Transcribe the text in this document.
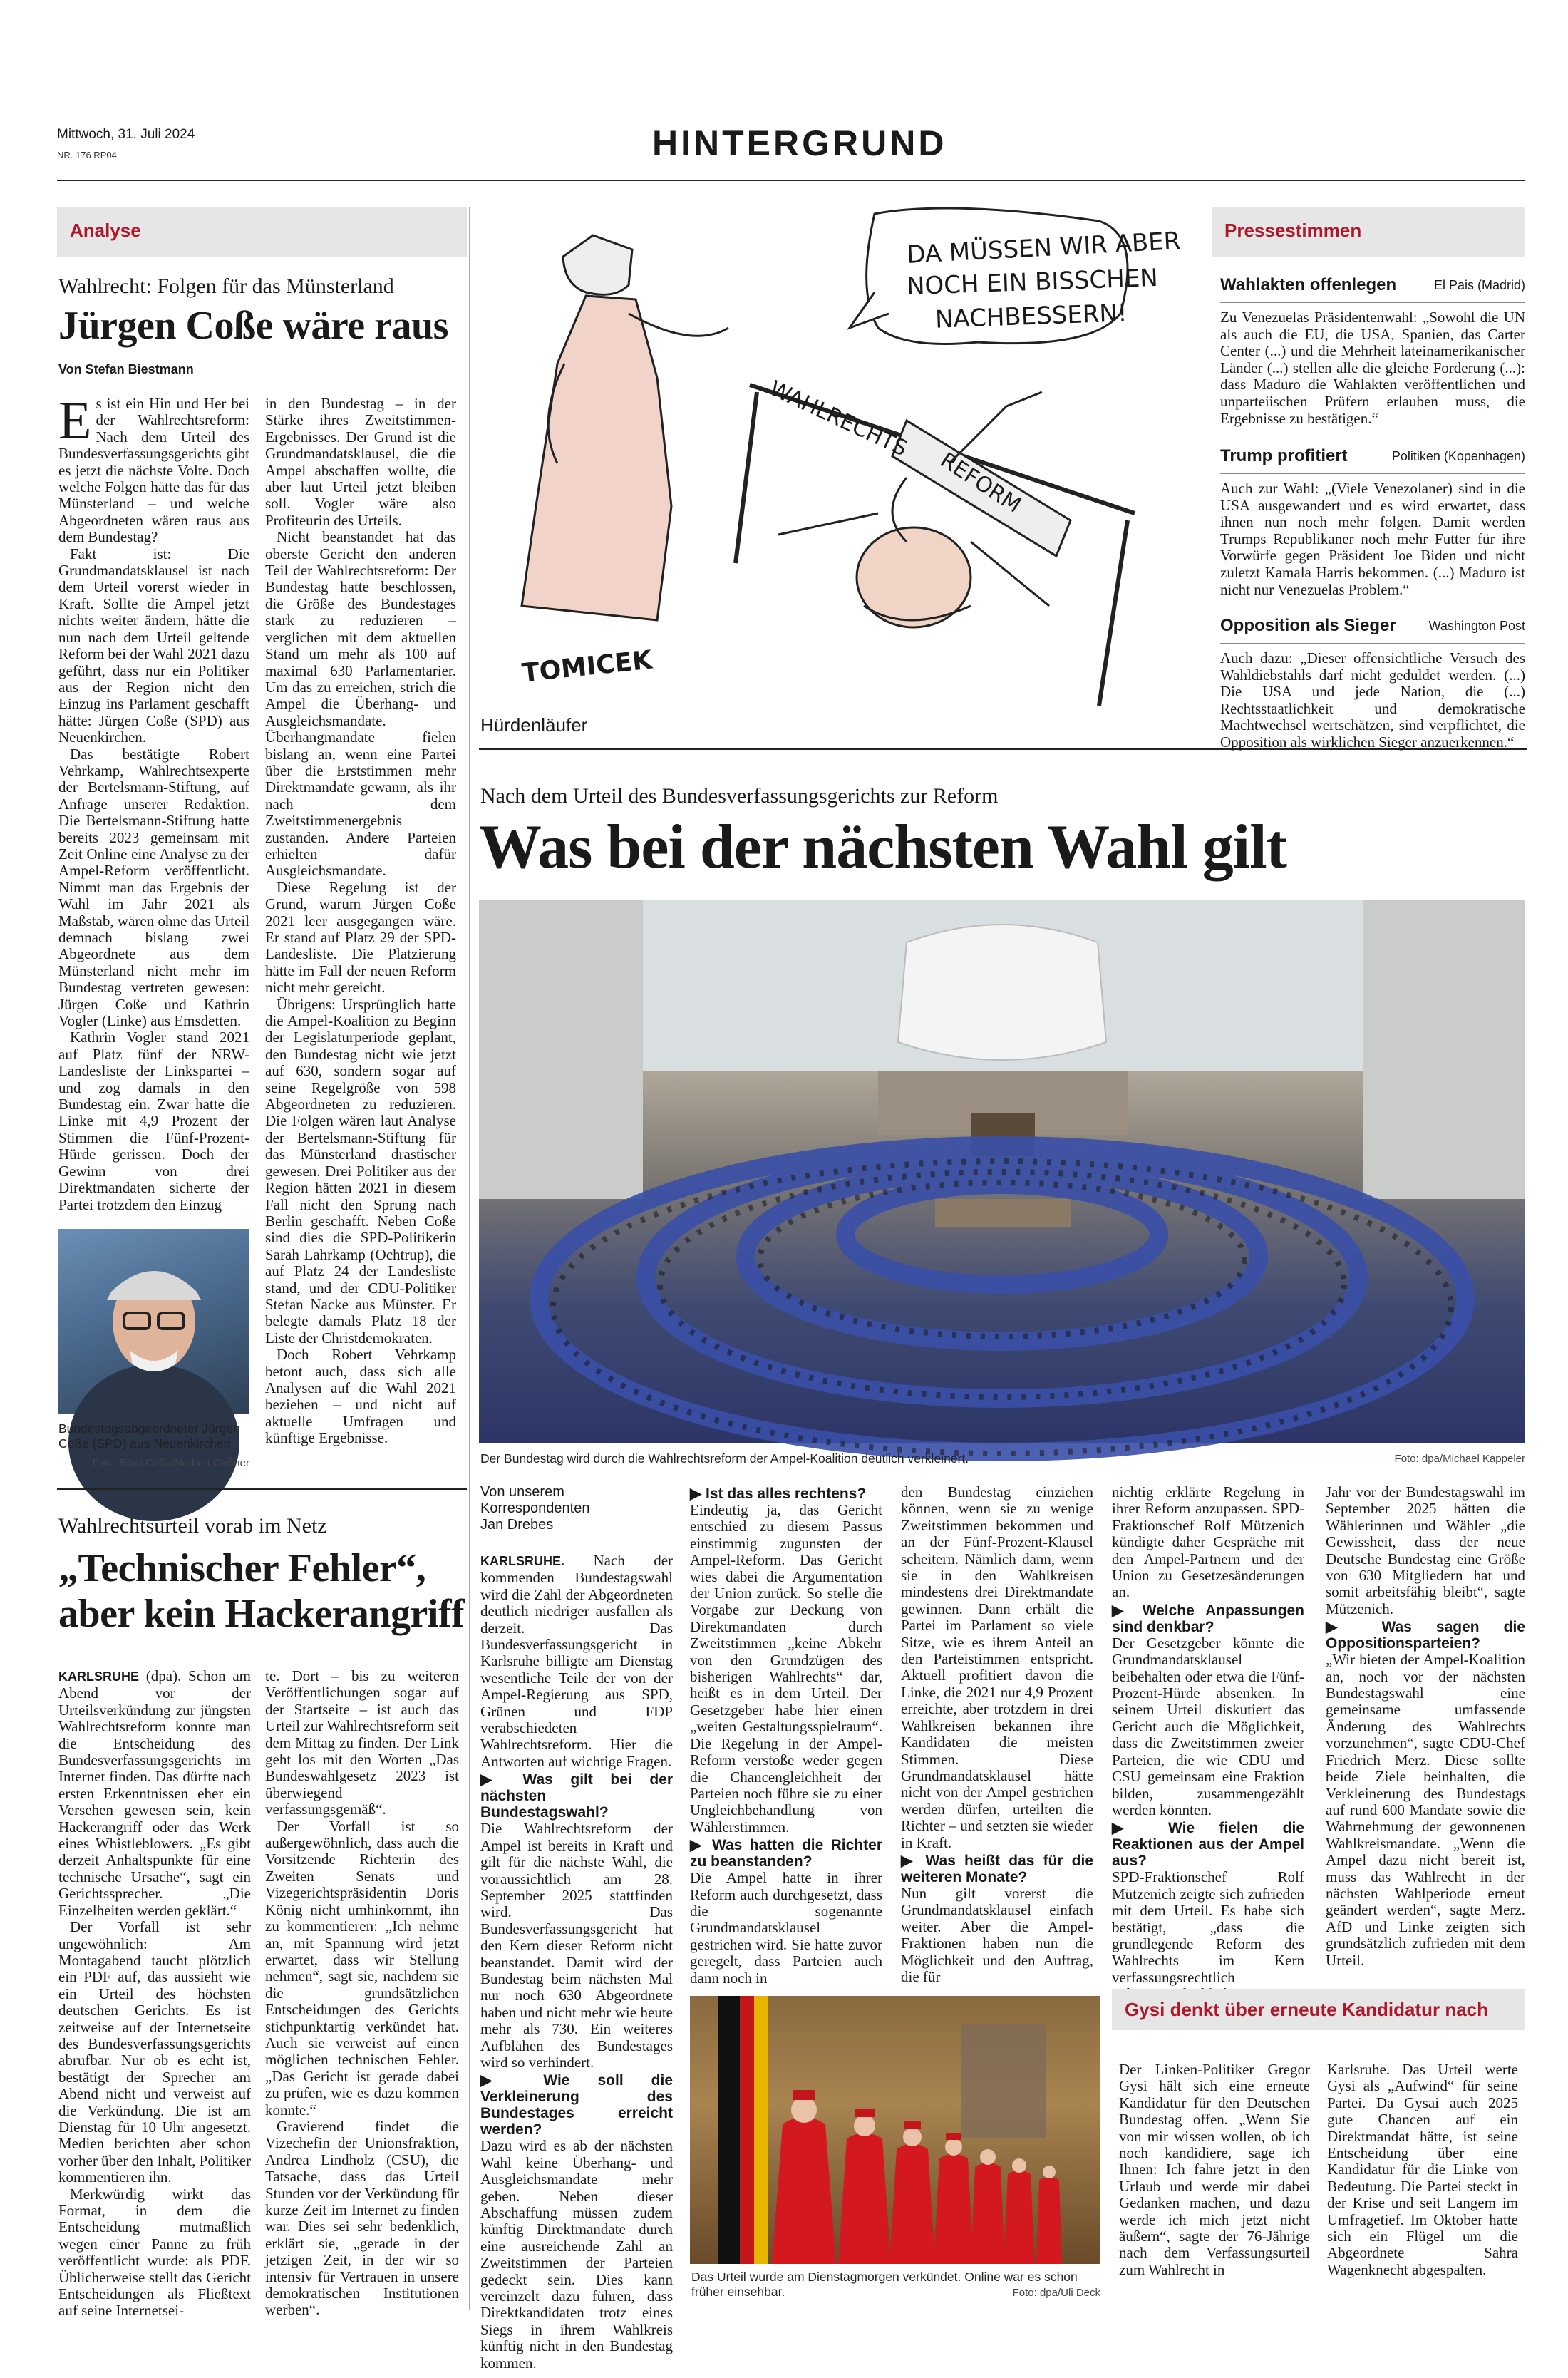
Mittwoch, 31. Juli 2024
NR. 176 RP04	HINTERGRUND
Analyse
Wahlrecht: Folgen für das Münsterland
Jürgen Coße wäre raus
Von Stefan Biestmann
E s ist ein Hin und Her bei der Wahlrechtsreform: Nach dem Urteil des Bundesverfassungsgerichts gibt es jetzt die nächste Volte. Doch welche Folgen hätte das für das Münsterland – und welche Abgeordneten wären raus aus dem Bundestag?

Fakt ist: Die Grundmandatsklausel ist nach dem Urteil vorerst wieder in Kraft. Sollte die Ampel jetzt nichts weiter ändern, hätte die nun nach dem Urteil geltende Reform bei der Wahl 2021 dazu geführt, dass nur ein Politiker aus der Region nicht den Einzug ins Parlament geschafft hätte: Jürgen Coße (SPD) aus Neuenkirchen.

Das bestätigte Robert Vehrkamp, Wahlrechtsexperte der Bertelsmann-Stiftung, auf Anfrage unserer Redaktion. Die Bertelsmann-Stiftung hatte bereits 2023 gemeinsam mit Zeit Online eine Analyse zu der Ampel-Reform veröffentlicht. Nimmt man das Ergebnis der Wahl im Jahr 2021 als Maßstab, wären ohne das Urteil demnach bislang zwei Abgeordnete aus dem Münsterland nicht mehr im Bundestag vertreten gewesen: Jürgen Coße und Kathrin Vogler (Linke) aus Emsdetten.

Kathrin Vogler stand 2021 auf Platz fünf der NRW-Landesliste der Linkspartei – und zog damals in den Bundestag ein. Zwar hatte die Linke mit 4,9 Prozent der Stimmen die Fünf-Prozent-Hürde gerissen. Doch der Gewinn von drei Direktmandaten sicherte der Partei trotzdem den Einzug

Bundestagsabgeordneter Jürgen Coße (SPD) aus Neuenkirchen
Foto: Büro Coße/Norbert Gaßner

in den Bundestag – in der Stärke ihres Zweitstimmen-Ergebnisses. Der Grund ist die Grundmandatsklausel, die die Ampel abschaffen wollte, die aber laut Urteil jetzt bleiben soll. Vogler wäre also Profiteurin des Urteils.

Nicht beanstandet hat das oberste Gericht den anderen Teil der Wahlrechtsreform: Der Bundestag hatte beschlossen, die Größe des Bundestages stark zu reduzieren – verglichen mit dem aktuellen Stand um mehr als 100 auf maximal 630 Parlamentarier. Um das zu erreichen, strich die Ampel die Überhang- und Ausgleichsmandate. Überhangmandate fielen bislang an, wenn eine Partei über die Erststimmen mehr Direktmandate gewann, als ihr nach dem Zweitstimmenergebnis zustanden. Andere Parteien erhielten dafür Ausgleichsmandate.

Diese Regelung ist der Grund, warum Jürgen Coße 2021 leer ausgegangen wäre. Er stand auf Platz 29 der SPD-Landesliste. Die Platzierung hätte im Fall der neuen Reform nicht mehr gereicht.

Übrigens: Ursprünglich hatte die Ampel-Koalition zu Beginn der Legislaturperiode geplant, den Bundestag nicht wie jetzt auf 630, sondern sogar auf seine Regelgröße von 598 Abgeordneten zu reduzieren. Die Folgen wären laut Analyse der Bertelsmann-Stiftung für das Münsterland drastischer gewesen. Drei Politiker aus der Region hätten 2021 in diesem Fall nicht den Sprung nach Berlin geschafft. Neben Coße sind dies die SPD-Politikerin Sarah Lahrkamp (Ochtrup), die auf Platz 24 der Landesliste stand, und der CDU-Politiker Stefan Nacke aus Münster. Er belegte damals Platz 18 der Liste der Christdemokraten.

Doch Robert Vehrkamp betont auch, dass sich alle Analysen auf die Wahl 2021 beziehen – und nicht auf aktuelle Umfragen und künftige Ergebnisse.

DA MÜSSEN WIR ABER
NOCH EIN BISSCHEN
NACHBESSERN!
WAHLRECHTS
REFORM
TOMICEK
Hürdenläufer
Pressestimmen
Wahlakten offenlegen	El Pais (Madrid)
Zu Venezuelas Präsidentenwahl: „Sowohl die UN als auch die EU, die USA, Spanien, das Carter Center (...) und die Mehrheit lateinamerikanischer Länder (...) stellen alle die gleiche Forderung (...): dass Maduro die Wahlakten veröffentlichen und unparteiischen Prüfern erlauben muss, die Ergebnisse zu bestätigen.“
Trump profitiert	Politiken (Kopenhagen)
Auch zur Wahl: „(Viele Venezolaner) sind in die USA ausgewandert und es wird erwartet, dass ihnen nun noch mehr folgen. Damit werden Trumps Republikaner noch mehr Futter für ihre Vorwürfe gegen Präsident Joe Biden und nicht zuletzt Kamala Harris bekommen. (...) Maduro ist nicht nur Venezuelas Problem.“
Opposition als Sieger	Washington Post
Auch dazu: „Dieser offensichtliche Versuch des Wahldiebstahls darf nicht geduldet werden. (...) Die USA und jede Nation, die (...) Rechtsstaatlichkeit und demokratische Machtwechsel wertschätzen, sind verpflichtet, die Opposition als wirklichen Sieger anzuerkennen.“
Nach dem Urteil des Bundesverfassungsgerichts zur Reform
Was bei der nächsten Wahl gilt
Der Bundestag wird durch die Wahlrechtsreform der Ampel-Koalition deutlich verkleinert.	Foto: dpa/Michael Kappeler
Von unserem
Korrespondenten
Jan Drebes

KARLSRUHE. Nach der kommenden Bundestagswahl wird die Zahl der Abgeordneten deutlich niedriger ausfallen als derzeit. Das Bundesverfassungsgericht in Karlsruhe billigte am Dienstag wesentliche Teile der von der Ampel-Regierung aus SPD, Grünen und FDP verabschiedeten Wahlrechtsreform. Hier die Antworten auf wichtige Fragen.

▶ Was gilt bei der nächsten Bundestagswahl?

Die Wahlrechtsreform der Ampel ist bereits in Kraft und gilt für die nächste Wahl, die voraussichtlich am 28. September 2025 stattfinden wird. Das Bundesverfassungsgericht hat den Kern dieser Reform nicht beanstandet. Damit wird der Bundestag beim nächsten Mal nur noch 630 Abgeordnete haben und nicht mehr wie heute mehr als 730. Ein weiteres Aufblähen des Bundestages wird so verhindert.

▶ Wie soll die Verkleinerung des Bundestages erreicht werden?

Dazu wird es ab der nächsten Wahl keine Überhang- und Ausgleichsmandate mehr geben. Neben dieser Abschaffung müssen zudem künftig Direktmandate durch eine ausreichende Zahl an Zweitstimmen der Parteien gedeckt sein. Dies kann vereinzelt dazu führen, dass Direktkandidaten trotz eines Siegs in ihrem Wahlkreis künftig nicht in den Bundestag kommen.

▶ Ist das alles rechtens?

Eindeutig ja, das Gericht entschied zu diesem Passus einstimmig zugunsten der Ampel-Reform. Das Gericht wies dabei die Argumentation der Union zurück. So stelle die Vorgabe zur Deckung von Direktmandaten durch Zweitstimmen „keine Abkehr von den Grundzügen des bisherigen Wahlrechts“ dar, heißt es in dem Urteil. Der Gesetzgeber habe hier einen „weiten Gestaltungsspielraum“. Die Regelung in der Ampel-Reform verstoße weder gegen die Chancengleichheit der Parteien noch führe sie zu einer Ungleichbehandlung von Wählerstimmen.

▶ Was hatten die Richter zu beanstanden?

Die Ampel hatte in ihrer Reform auch durchgesetzt, dass die sogenannte Grundmandatsklausel gestrichen wird. Sie hatte zuvor geregelt, dass Parteien auch dann noch in

den Bundestag einziehen können, wenn sie zu wenige Zweitstimmen bekommen und an der Fünf-Prozent-Klausel scheitern. Nämlich dann, wenn sie in den Wahlkreisen mindestens drei Direktmandate gewinnen. Dann erhält die Partei im Parlament so viele Sitze, wie es ihrem Anteil an den Parteistimmen entspricht. Aktuell profitiert davon die Linke, die 2021 nur 4,9 Prozent erreichte, aber trotzdem in drei Wahlkreisen bekannen ihre Kandidaten die meisten Stimmen. Diese Grundmandatsklausel hätte nicht von der Ampel gestrichen werden dürfen, urteilten die Richter – und setzten sie wieder in Kraft.

▶ Was heißt das für die weiteren Monate?

Nun gilt vorerst die Grundmandatsklausel einfach weiter. Aber die Ampel-Fraktionen haben nun die Möglichkeit und den Auftrag, die für

nichtig erklärte Regelung in ihrer Reform anzupassen. SPD-Fraktionschef Rolf Mützenich kündigte daher Gespräche mit den Ampel-Partnern und der Union zu Gesetzesänderungen an.

▶ Welche Anpassungen sind denkbar?

Der Gesetzgeber könnte die Grundmandatsklausel beibehalten oder etwa die Fünf-Prozent-Hürde absenken. In seinem Urteil diskutiert das Gericht auch die Möglichkeit, dass die Zweitstimmen zweier Parteien, die wie CDU und CSU gemeinsam eine Fraktion bilden, zusammengezählt werden könnten.

▶ Wie fielen die Reaktionen aus der Ampel aus?

SPD-Fraktionschef Rolf Mützenich zeigte sich zufrieden mit dem Urteil. Es habe sich bestätigt, „dass die grundlegende Reform des Wahlrechts im Kern verfassungsrechtlich

Jahr vor der Bundestagswahl im September 2025 hätten die Wählerinnen und Wähler „die Gewissheit, dass der neue Deutsche Bundestag eine Größe von 630 Mitgliedern hat und somit arbeitsfähig bleibt“, sagte Mützenich.

▶ Was sagen die Oppositionsparteien?

„Wir bieten der Ampel-Koalition an, noch vor der nächsten Bundestagswahl eine gemeinsame umfassende Änderung des Wahlrechts vorzunehmen“, sagte CDU-Chef Friedrich Merz. Diese sollte beide Ziele beinhalten, die Verkleinerung des Bundestags auf rund 600 Mandate sowie die Wahrnehmung der gewonnenen Wahlkreismandate. „Wenn die Ampel dazu nicht bereit ist, muss das Wahlrecht in der nächsten Wahlperiode erneut geändert werden“, sagte Merz. AfD und Linke zeigten sich grundsätzlich zufrieden mit dem Urteil.

Das Urteil wurde am Dienstagmorgen verkündet. Online war es schon früher einsehbar.	Foto: dpa/Uli Deck
Wahlrechtsurteil vorab im Netz
„Technischer Fehler“,
aber kein Hackerangriff

KARLSRUHE (dpa). Schon am Abend vor der Urteilsverkündung zur jüngsten Wahlrechtsreform konnte man die Entscheidung des Bundesverfassungsgerichts im Internet finden. Das dürfte nach ersten Erkenntnissen eher ein Versehen gewesen sein, kein Hackerangriff oder das Werk eines Whistleblowers. „Es gibt derzeit Anhaltspunkte für eine technische Ursache“, sagt ein Gerichtssprecher. „Die Einzelheiten werden geklärt.“

Der Vorfall ist sehr ungewöhnlich: Am Montagabend taucht plötzlich ein PDF auf, das aussieht wie ein Urteil des höchsten deutschen Gerichts. Es ist zeitweise auf der Internetseite des Bundesverfassungsgerichts abrufbar. Nur ob es echt ist, bestätigt der Sprecher am Abend nicht und verweist auf die Verkündung. Die ist am Dienstag für 10 Uhr angesetzt. Medien berichten aber schon vorher über den Inhalt, Politiker kommentieren ihn.

Merkwürdig wirkt das Format, in dem die Entscheidung mutmaßlich wegen einer Panne zu früh veröffentlicht wurde: als PDF. Üblicherweise stellt das Gericht Entscheidungen als Fließtext auf seine Internetsei-

te. Dort – bis zu weiteren Veröffentlichungen sogar auf der Startseite – ist auch das Urteil zur Wahlrechtsreform seit dem Mittag zu finden. Der Link geht los mit den Worten „Das Bundeswahlgesetz 2023 ist überwiegend verfassungsgemäß“.

Der Vorfall ist so außergewöhnlich, dass auch die Vorsitzende Richterin des Zweiten Senats und Vizegerichtspräsidentin Doris König nicht umhinkommt, ihn zu kommentieren: „Ich nehme an, mit Spannung wird jetzt erwartet, dass wir Stellung nehmen“, sagt sie, nachdem sie die grundsätzlichen Entscheidungen des Gerichts stichpunktartig verkündet hat. Auch sie verweist auf einen möglichen technischen Fehler. „Das Gericht ist gerade dabei zu prüfen, wie es dazu kommen konnte.“

Gravierend findet die Vizechefin der Unionsfraktion, Andrea Lindholz (CSU), die Tatsache, dass das Urteil Stunden vor der Verkündung für kurze Zeit im Internet zu finden war. Dies sei sehr bedenklich, erklärt sie, „gerade in der jetzigen Zeit, in der wir so intensiv für Vertrauen in unsere demokratischen Institutionen werben“.

Gysi denkt über erneute Kandidatur nach
Der Linken-Politiker Gregor Gysi hält sich eine erneute Kandidatur für den Deutschen Bundestag offen. „Wenn Sie von mir wissen wollen, ob ich noch kandidiere, sage ich Ihnen: Ich fahre jetzt in den Urlaub und werde mir dabei Gedanken machen, und dazu werde ich mich jetzt nicht äußern“, sagte der 76-Jährige nach dem Verfassungsurteil zum Wahlrecht in
Karlsruhe. Das Urteil werte Gysi als „Aufwind“ für seine Partei. Da Gysai auch 2025 gute Chancen auf ein Direktmandat hätte, ist seine Entscheidung über eine Kandidatur für die Linke von Bedeutung. Die Partei steckt in der Krise und seit Langem im Umfragetief. Im Oktober hatte sich ein Flügel um die Abgeordnete Sahra Wagenknecht abgespalten.
